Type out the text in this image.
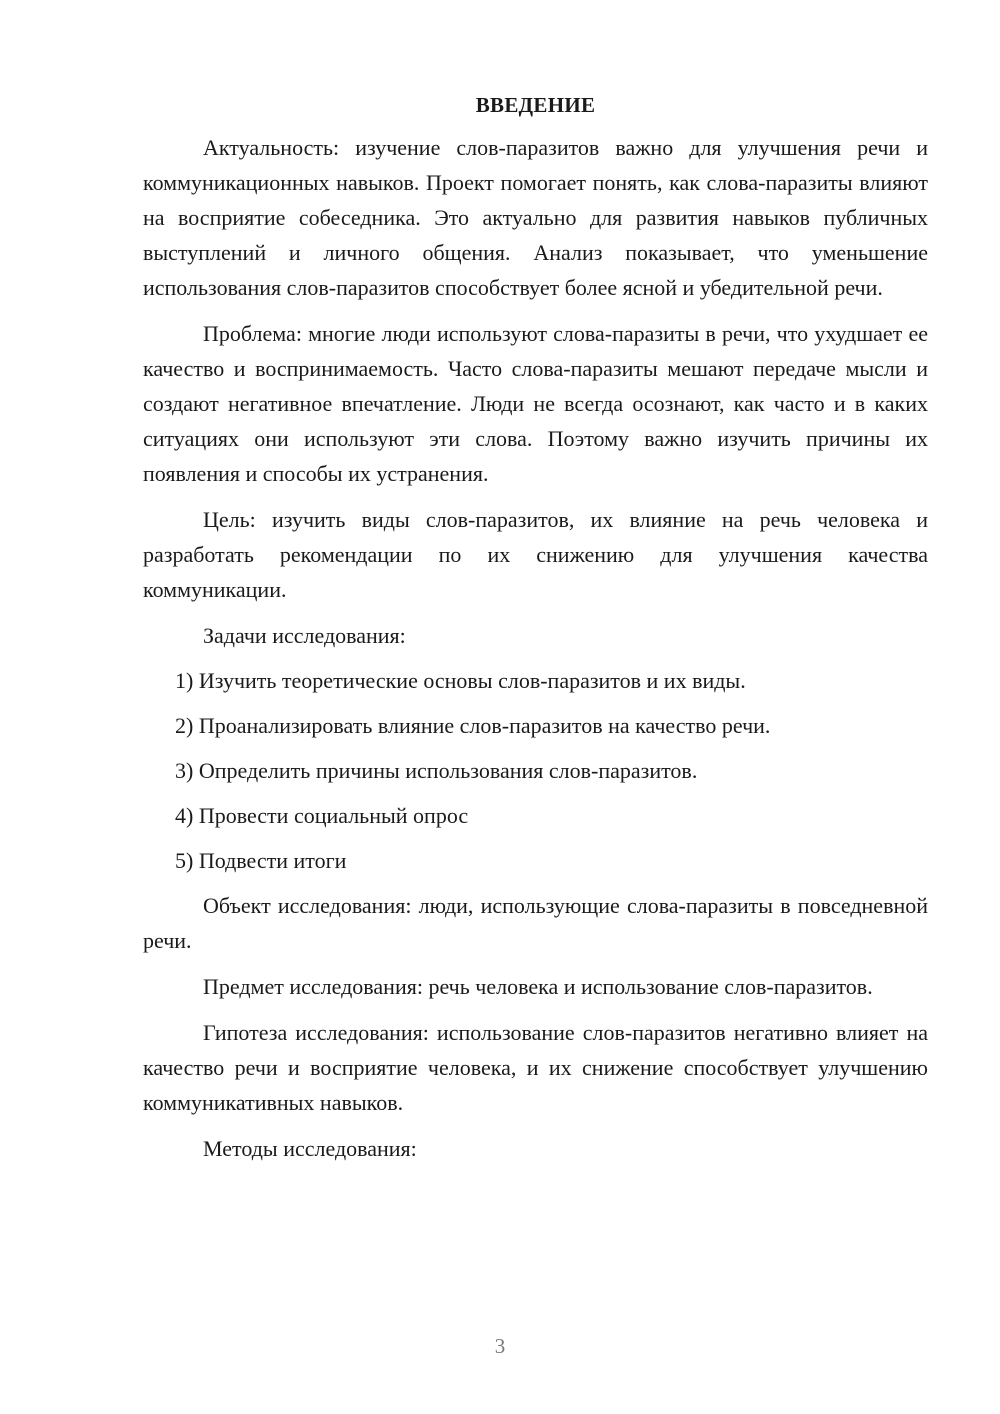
ВВЕДЕНИЕ

Актуальность: изучение слов-паразитов важно для улучшения речи и коммуникационных навыков. Проект помогает понять, как слова-паразиты влияют на восприятие собеседника. Это актуально для развития навыков публичных выступлений и личного общения. Анализ показывает, что уменьшение использования слов-паразитов способствует более ясной и убедительной речи.

Проблема: многие люди используют слова-паразиты в речи, что ухудшает ее качество и воспринимаемость. Часто слова-паразиты мешают передаче мысли и создают негативное впечатление. Люди не всегда осознают, как часто и в каких ситуациях они используют эти слова. Поэтому важно изучить причины их появления и способы их устранения.

Цель: изучить виды слов-паразитов, их влияние на речь человека и разработать рекомендации по их снижению для улучшения качества коммуникации.

Задачи исследования:

1) Изучить теоретические основы слов-паразитов и их виды.
2) Проанализировать влияние слов-паразитов на качество речи.
3) Определить причины использования слов-паразитов.
4) Провести социальный опрос
5) Подвести итоги

Объект исследования: люди, использующие слова-паразиты в повседневной речи.

Предмет исследования: речь человека и использование слов-паразитов.

Гипотеза исследования: использование слов-паразитов негативно влияет на качество речи и восприятие человека, и их снижение способствует улучшению коммуникативных навыков.

Методы исследования:

3
